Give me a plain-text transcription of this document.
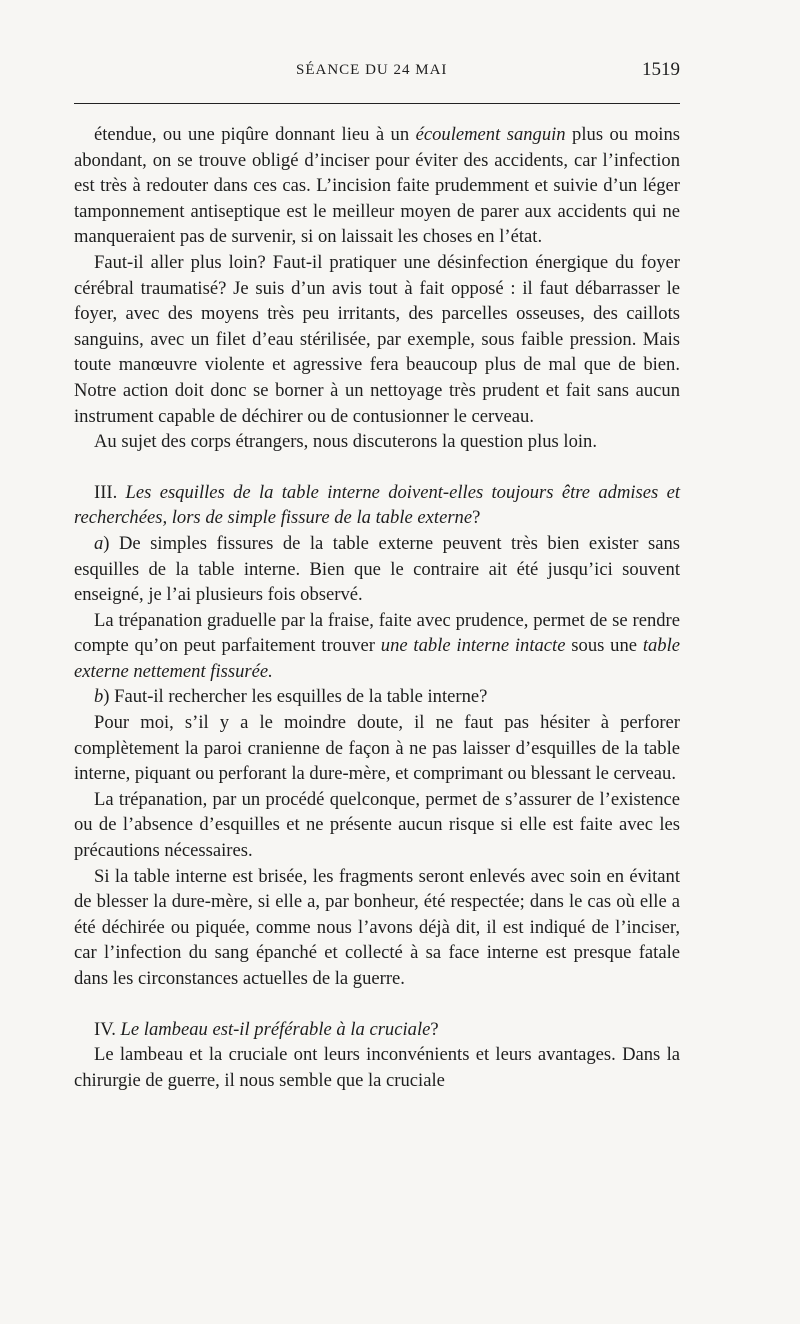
SÉANCE DU 24 MAI	1519

étendue, ou une piqûre donnant lieu à un écoulement sanguin plus ou moins abondant, on se trouve obligé d’inciser pour éviter des accidents, car l’infection est très à redouter dans ces cas. L’incision faite prudemment et suivie d’un léger tamponnement antiseptique est le meilleur moyen de parer aux accidents qui ne manqueraient pas de survenir, si on laissait les choses en l’état.

Faut-il aller plus loin? Faut-il pratiquer une désinfection énergique du foyer cérébral traumatisé? Je suis d’un avis tout à fait opposé : il faut débarrasser le foyer, avec des moyens très peu irritants, des parcelles osseuses, des caillots sanguins, avec un filet d’eau stérilisée, par exemple, sous faible pression. Mais toute manœuvre violente et agressive fera beaucoup plus de mal que de bien. Notre action doit donc se borner à un nettoyage très prudent et fait sans aucun instrument capable de déchirer ou de contusionner le cerveau.

Au sujet des corps étrangers, nous discuterons la question plus loin.

III. Les esquilles de la table interne doivent-elles toujours être admises et recherchées, lors de simple fissure de la table externe?

a) De simples fissures de la table externe peuvent très bien exister sans esquilles de la table interne. Bien que le contraire ait été jusqu’ici souvent enseigné, je l’ai plusieurs fois observé.

La trépanation graduelle par la fraise, faite avec prudence, permet de se rendre compte qu’on peut parfaitement trouver une table interne intacte sous une table externe nettement fissurée.

b) Faut-il rechercher les esquilles de la table interne?

Pour moi, s’il y a le moindre doute, il ne faut pas hésiter à perforer complètement la paroi cranienne de façon à ne pas laisser d’esquilles de la table interne, piquant ou perforant la dure-mère, et comprimant ou blessant le cerveau.

La trépanation, par un procédé quelconque, permet de s’assurer de l’existence ou de l’absence d’esquilles et ne présente aucun risque si elle est faite avec les précautions nécessaires.

Si la table interne est brisée, les fragments seront enlevés avec soin en évitant de blesser la dure-mère, si elle a, par bonheur, été respectée; dans le cas où elle a été déchirée ou piquée, comme nous l’avons déjà dit, il est indiqué de l’inciser, car l’infection du sang épanché et collecté à sa face interne est presque fatale dans les circonstances actuelles de la guerre.

IV. Le lambeau est-il préférable à la cruciale?

Le lambeau et la cruciale ont leurs inconvénients et leurs avantages. Dans la chirurgie de guerre, il nous semble que la cruciale
